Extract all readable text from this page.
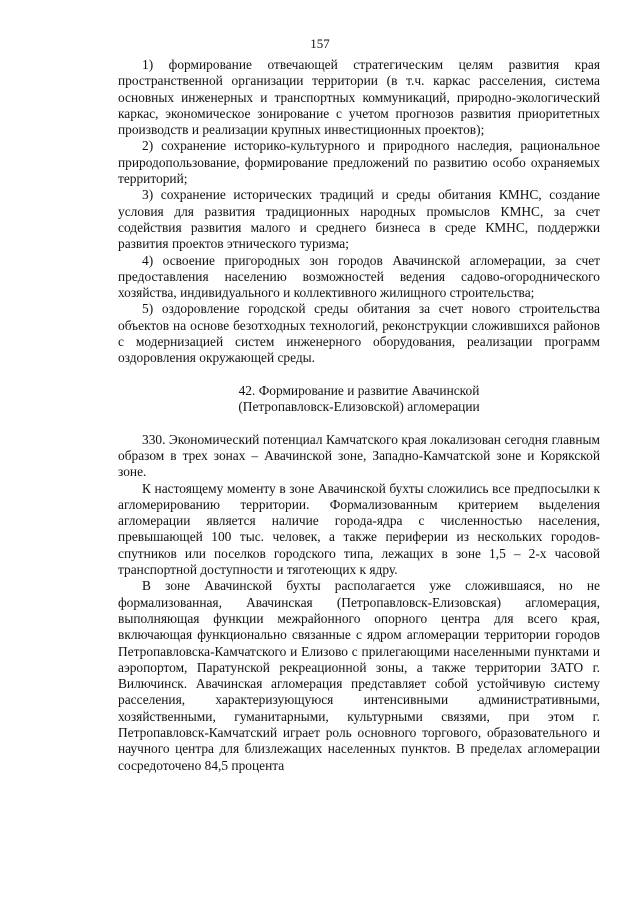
157

1) формирование отвечающей стратегическим целям развития края пространственной организации территории (в т.ч. каркас расселения, система основных инженерных и транспортных коммуникаций, природно-экологический каркас, экономическое зонирование с учетом прогнозов развития приоритетных производств и реализации крупных инвестиционных проектов);

2) сохранение историко-культурного и природного наследия, рациональное природопользование, формирование предложений по развитию особо охраняемых территорий;

3) сохранение исторических традиций и среды обитания КМНС, создание условия для развития традиционных народных промыслов КМНС, за счет содействия развития малого и среднего бизнеса в среде КМНС, поддержки развития проектов этнического туризма;

4) освоение пригородных зон городов Авачинской агломерации, за счет предоставления населению возможностей ведения садово-огороднического хозяйства, индивидуального и коллективного жилищного строительства;

5) оздоровление городской среды обитания за счет нового строительства объектов на основе безотходных технологий, реконструкции сложившихся районов с модернизацией систем инженерного оборудования, реализации программ оздоровления окружающей среды.

42. Формирование и развитие Авачинской
(Петропавловск-Елизовской) агломерации

330. Экономический потенциал Камчатского края локализован сегодня главным образом в трех зонах – Авачинской зоне, Западно-Камчатской зоне и Корякской зоне.

К настоящему моменту в зоне Авачинской бухты сложились все предпосылки к агломерированию территории. Формализованным критерием выделения агломерации является наличие города-ядра с численностью населения, превышающей 100 тыс. человек, а также периферии из нескольких городов-спутников или поселков городского типа, лежащих в зоне 1,5 – 2-х часовой транспортной доступности и тяготеющих к ядру.

В зоне Авачинской бухты располагается уже сложившаяся, но не формализованная, Авачинская (Петропавловск-Елизовская) агломерация, выполняющая функции межрайонного опорного центра для всего края, включающая функционально связанные с ядром агломерации территории городов Петропавловска-Камчатского и Елизово с прилегающими населенными пунктами и аэропортом, Паратунской рекреационной зоны, а также территории ЗАТО г. Вилючинск. Авачинская агломерация представляет собой устойчивую систему расселения, характеризующуюся интенсивными административными, хозяйственными, гуманитарными, культурными связями, при этом г. Петропавловск-Камчатский играет роль основного торгового, образовательного и научного центра для близлежащих населенных пунктов. В пределах агломерации сосредоточено 84,5 процента
